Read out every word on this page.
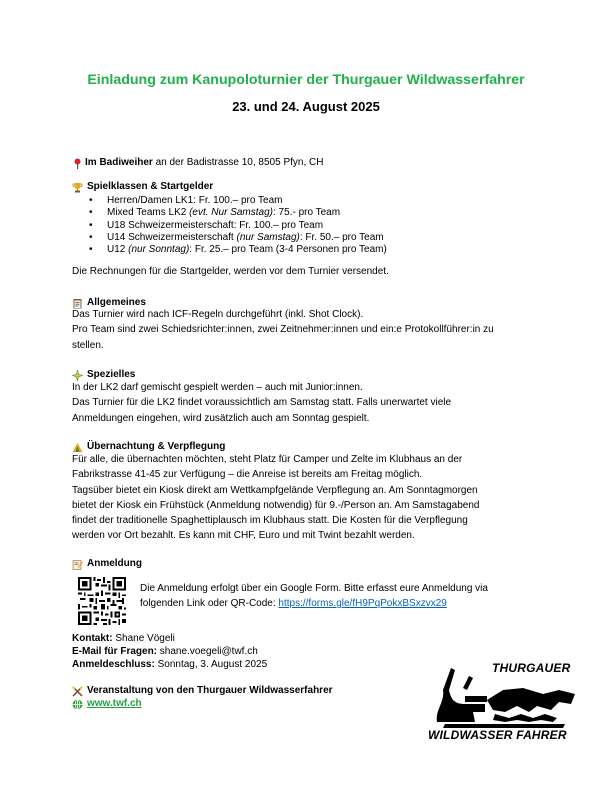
Einladung zum Kanupoloturnier der Thurgauer Wildwasserfahrer
23. und 24. August 2025
Im Badiweiher an der Badistrasse 10, 8505 Pfyn, CH
Spielklassen & Startgelder
• Herren/Damen LK1: Fr. 100.– pro Team
• Mixed Teams LK2 (evt. Nur Samstag): 75.- pro Team
• U18 Schweizermeisterschaft: Fr. 100.– pro Team
• U14 Schweizermeisterschaft (nur Samstag): Fr. 50.– pro Team
• U12 (nur Sonntag): Fr. 25.– pro Team (3-4 Personen pro Team)

Die Rechnungen für die Startgelder, werden vor dem Turnier versendet.

Allgemeines

Das Turnier wird nach ICF-Regeln durchgeführt (inkl. Shot Clock).

Pro Team sind zwei Schiedsrichter:innen, zwei Zeitnehmer:innen und ein:e Protokollführer:in zu

stellen.

Spezielles

In der LK2 darf gemischt gespielt werden – auch mit Junior:innen.

Das Turnier für die LK2 findet voraussichtlich am Samstag statt. Falls unerwartet viele

Anmeldungen eingehen, wird zusätzlich auch am Sonntag gespielt.

Übernachtung & Verpflegung

Für alle, die übernachten möchten, steht Platz für Camper und Zelte im Klubhaus an der

Fabrikstrasse 41-45 zur Verfügung – die Anreise ist bereits am Freitag möglich.

Tagsüber bietet ein Kiosk direkt am Wettkampfgelände Verpflegung an. Am Sonntagmorgen

bietet der Kiosk ein Frühstück (Anmeldung notwendig) für 9.-/Person an. Am Samstagabend

findet der traditionelle Spaghettiplausch im Klubhaus statt. Die Kosten für die Verpflegung

werden vor Ort bezahlt. Es kann mit CHF, Euro und mit Twint bezahlt werden.

Anmeldung

Die Anmeldung erfolgt über ein Google Form. Bitte erfasst eure Anmeldung via

folgenden Link oder QR-Code: https://forms.gle/fH9PqPokxBSxzvx29

Kontakt: Shane Vögeli

E-Mail für Fragen: shane.voegeli@twf.ch

Anmeldeschluss: Sonntag, 3. August 2025

Veranstaltung von den Thurgauer Wildwasserfahrer
www.twf.ch
THURGAUER
WILDWASSER FAHRER
